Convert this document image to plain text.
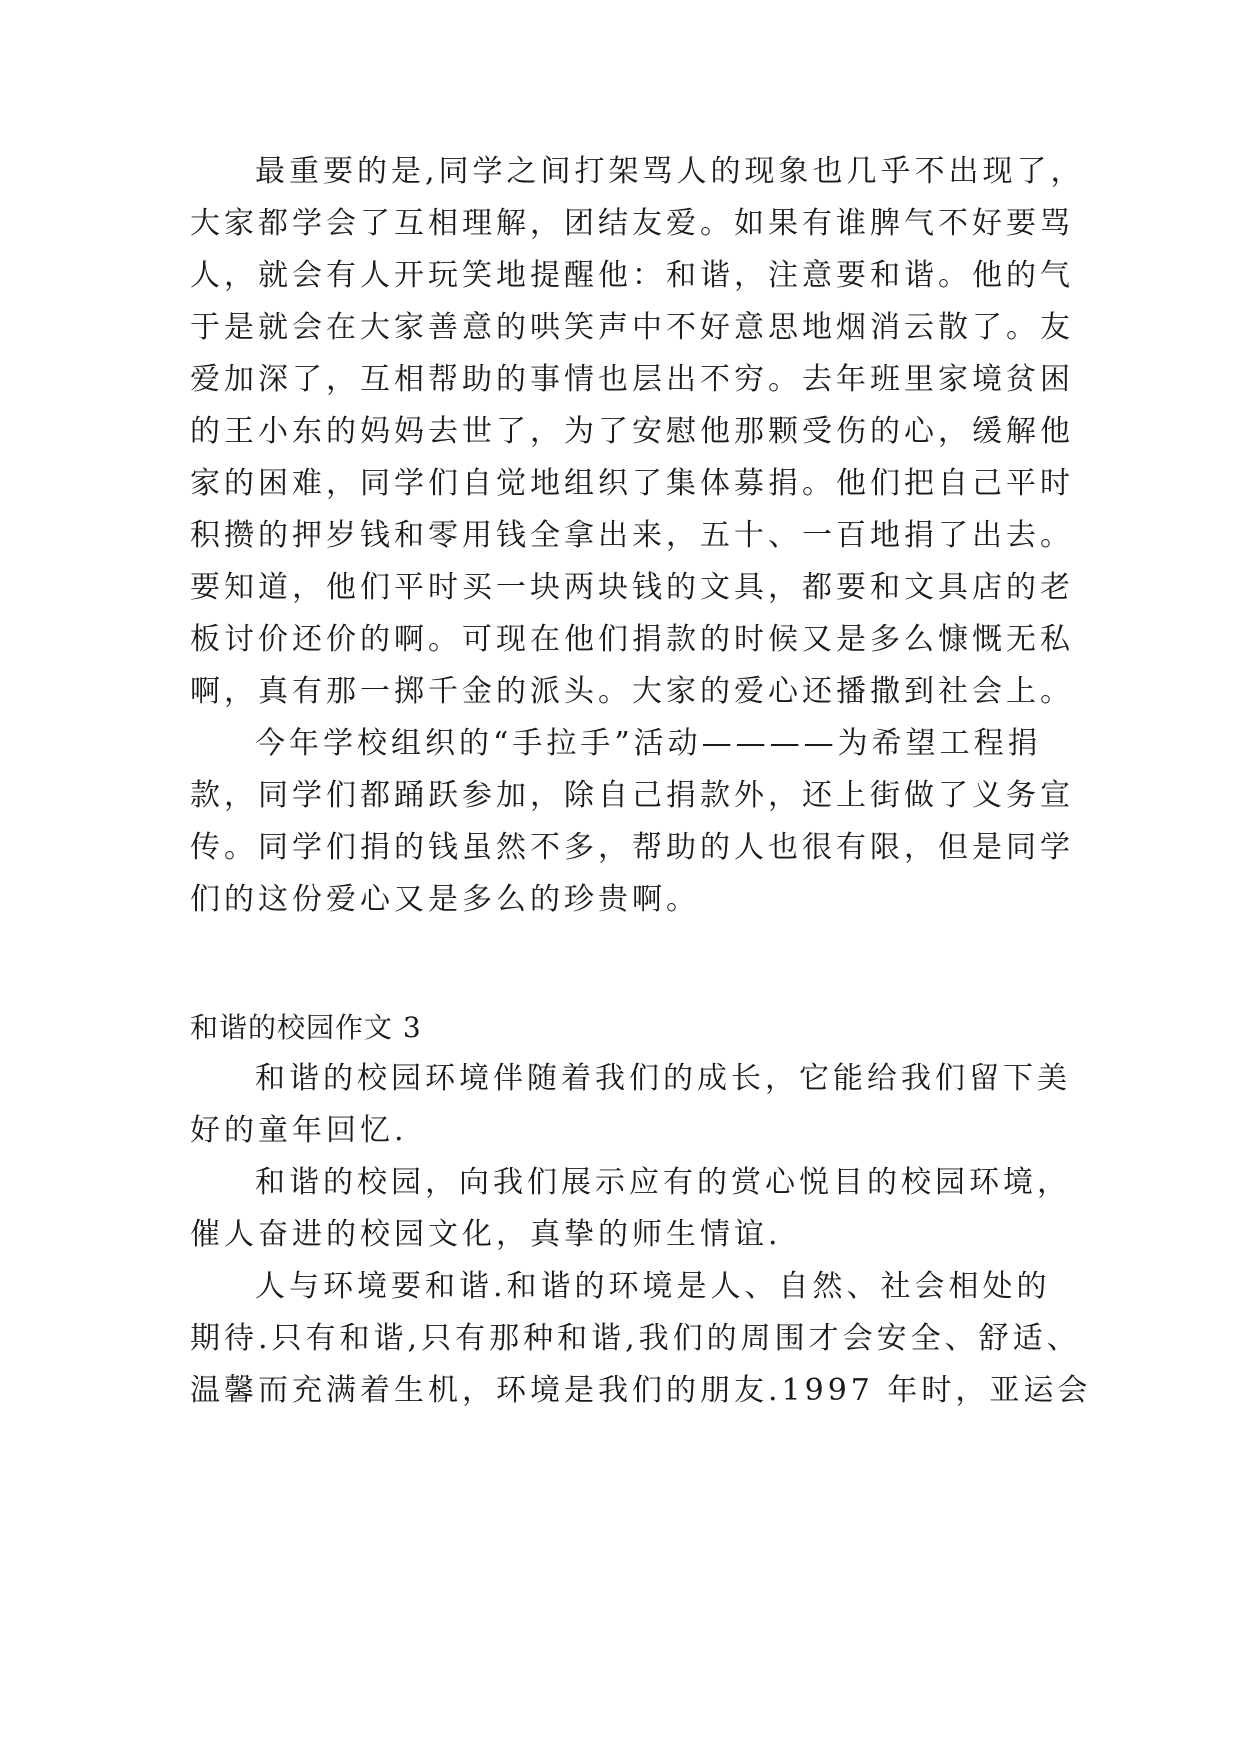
最重要的是,同学之间打架骂人的现象也几乎不出现了，
大家都学会了互相理解，团结友爱。如果有谁脾气不好要骂
人，就会有人开玩笑地提醒他：和谐，注意要和谐。他的气
于是就会在大家善意的哄笑声中不好意思地烟消云散了。友
爱加深了，互相帮助的事情也层出不穷。去年班里家境贫困
的王小东的妈妈去世了，为了安慰他那颗受伤的心，缓解他
家的困难，同学们自觉地组织了集体募捐。他们把自己平时
积攒的押岁钱和零用钱全拿出来，五十、一百地捐了出去。
要知道，他们平时买一块两块钱的文具，都要和文具店的老
板讨价还价的啊。可现在他们捐款的时候又是多么慷慨无私
啊，真有那一掷千金的派头。大家的爱心还播撒到社会上。
今年学校组织的“手拉手”活动————为希望工程捐
款，同学们都踊跃参加，除自己捐款外，还上街做了义务宣
传。同学们捐的钱虽然不多，帮助的人也很有限，但是同学
们的这份爱心又是多么的珍贵啊。
和谐的校园作文 3
和谐的校园环境伴随着我们的成长，它能给我们留下美
好的童年回忆.
和谐的校园，向我们展示应有的赏心悦目的校园环境，
催人奋进的校园文化，真挚的师生情谊.
人与环境要和谐.和谐的环境是人、自然、社会相处的
期待.只有和谐,只有那种和谐,我们的周围才会安全、舒适、
温馨而充满着生机，环境是我们的朋友.1997 年时，亚运会
